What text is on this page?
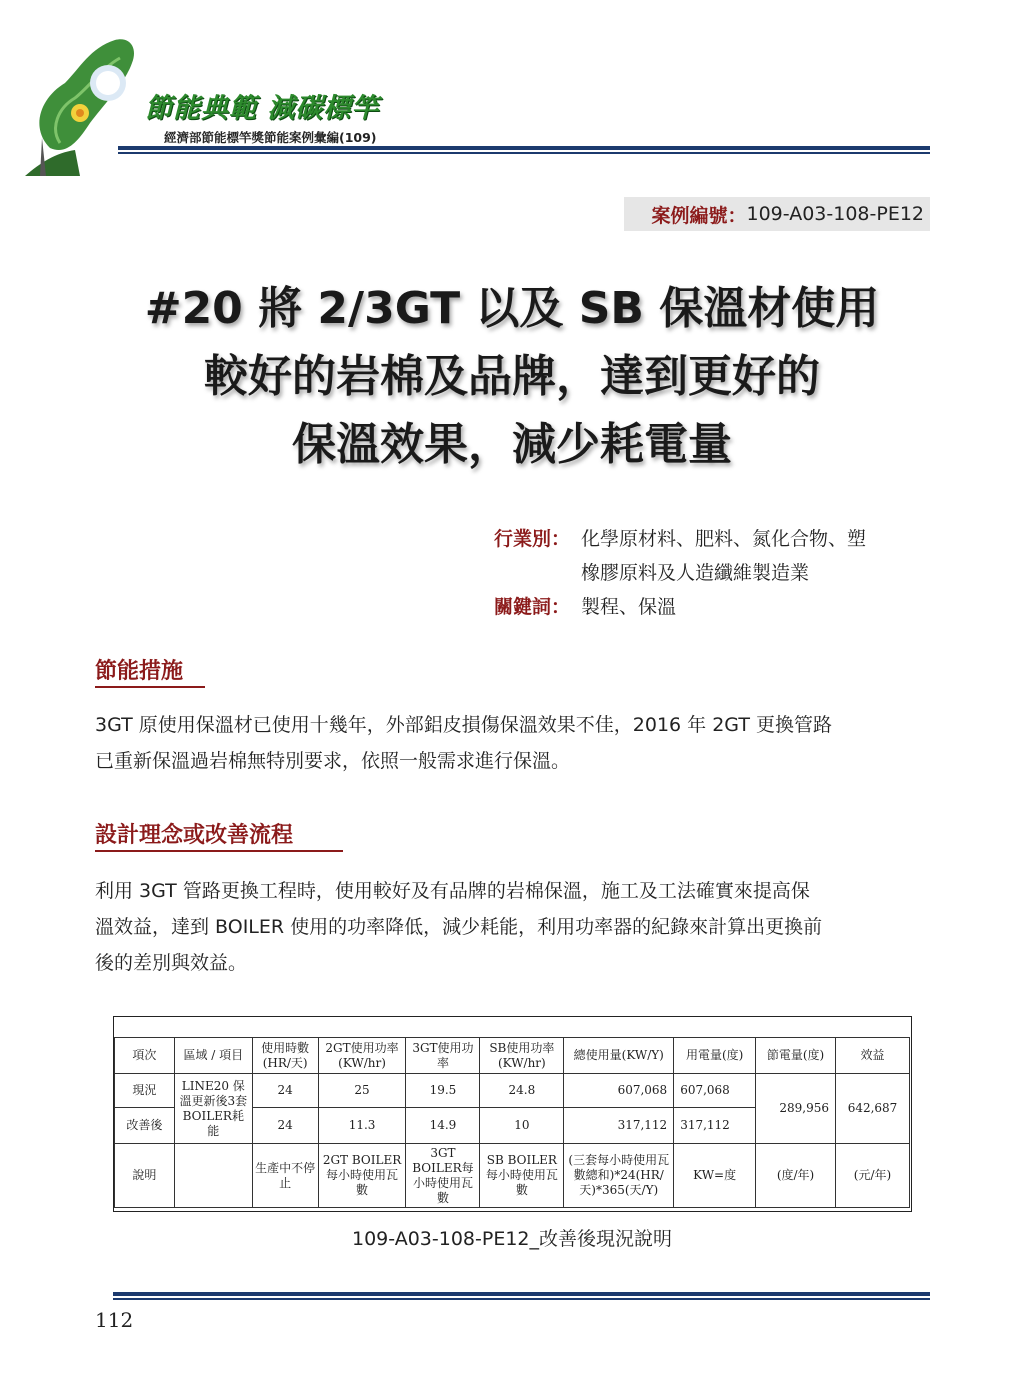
節能典範 減碳標竿
經濟部節能標竿獎節能案例彙編(109)
案例編號： 109-A03-108-PE12
#20 將 2/3GT 以及 SB 保溫材使用
較好的岩棉及品牌，達到更好的
保溫效果，減少耗電量
行業別： 化學原材料、肥料、氮化合物、塑
橡膠原料及人造纖維製造業
關鍵詞： 製程、保溫
節能措施
3GT 原使用保溫材已使用十幾年，外部鋁皮損傷保溫效果不佳，2016 年 2GT 更換管路
已重新保溫過岩棉無特別要求，依照一般需求進行保溫。
設計理念或改善流程
利用 3GT 管路更換工程時，使用較好及有品牌的岩棉保溫，施工及工法確實來提高保
溫效益，達到 BOILER 使用的功率降低，減少耗能，利用功率器的紀錄來計算出更換前
後的差別與效益。
項次	區域 / 項目	使用時數(HR/天)	2GT使用功率(KW/hr)	3GT使用功率	SB使用功率(KW/hr)	總使用量(KW/Y)	用電量(度)	節電量(度)	效益
現況	LINE20 保溫更新後3套BOILER耗能	24	25	19.5	24.8	607,068	607,068	289,956	642,687
改善後		24	11.3	14.9	10	317,112	317,112		
說明		生產中不停止	2GT BOILER每小時使用瓦數	3GT BOILER每小時使用瓦數	SB BOILER每小時使用瓦數	(三套每小時使用瓦數總和)*24(HR/天)*365(天/Y)	KW=度	(度/年)	(元/年)
109-A03-108-PE12_改善後現況說明
112
